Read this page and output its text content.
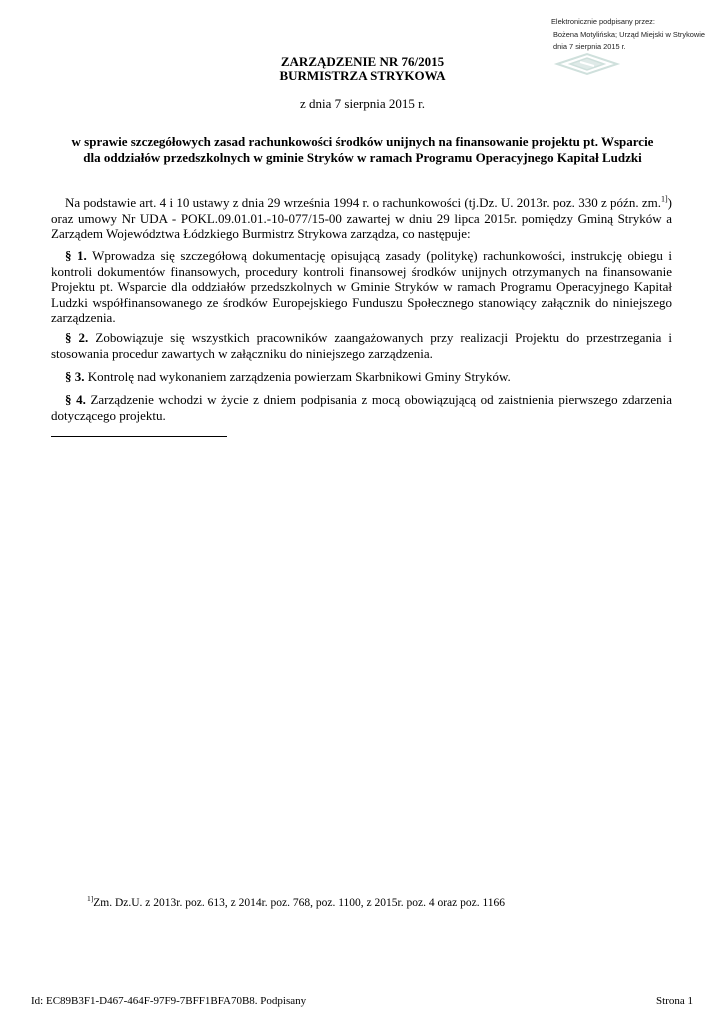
Elektronicznie podpisany przez:
Bożena Motylińska; Urząd Miejski w Strykowie
dnia 7 sierpnia 2015 r.
ZARZĄDZENIE NR 76/2015
BURMISTRZA STRYKOWA
z dnia 7 sierpnia 2015 r.
w sprawie szczegółowych zasad rachunkowości środków unijnych na finansowanie projektu pt. Wsparcie
dla oddziałów przedszkolnych w gminie Stryków w ramach Programu Operacyjnego Kapitał Ludzki

Na podstawie art. 4 i 10 ustawy z dnia 29 września 1994 r. o rachunkowości (tj.Dz. U. 2013r. poz. 330 z późn. zm.$^{1]}$) oraz umowy Nr UDA - POKL.09.01.01.-10-077/15-00 zawartej w dniu 29 lipca 2015r. pomiędzy Gminą Stryków a Zarządem Województwa Łódzkiego Burmistrz Strykowa zarządza, co następuje:

§ 1. Wprowadza się szczegółową dokumentację opisującą zasady (politykę) rachunkowości, instrukcję obiegu i kontroli dokumentów finansowych, procedury kontroli finansowej środków unijnych otrzymanych na finansowanie Projektu pt. Wsparcie dla oddziałów przedszkolnych w Gminie Stryków w ramach Programu Operacyjnego Kapitał Ludzki współfinansowanego ze środków Europejskiego Funduszu Społecznego stanowiący załącznik do niniejszego zarządzenia.

§ 2. Zobowiązuje się wszystkich pracowników zaangażowanych przy realizacji Projektu do przestrzegania i stosowania procedur zawartych w załączniku do niniejszego zarządzenia.

§ 3. Kontrolę nad wykonaniem zarządzenia powierzam Skarbnikowi Gminy Stryków.

§ 4. Zarządzenie wchodzi w życie z dniem podpisania z mocą obowiązującą od zaistnienia pierwszego zdarzenia dotyczącego projektu.

$^{1]}$Zm. Dz.U. z 2013r. poz. 613, z 2014r. poz. 768, poz. 1100, z 2015r. poz. 4 oraz poz. 1166
Id: EC89B3F1-D467-464F-97F9-7BFF1BFA70B8. Podpisany	Strona 1
